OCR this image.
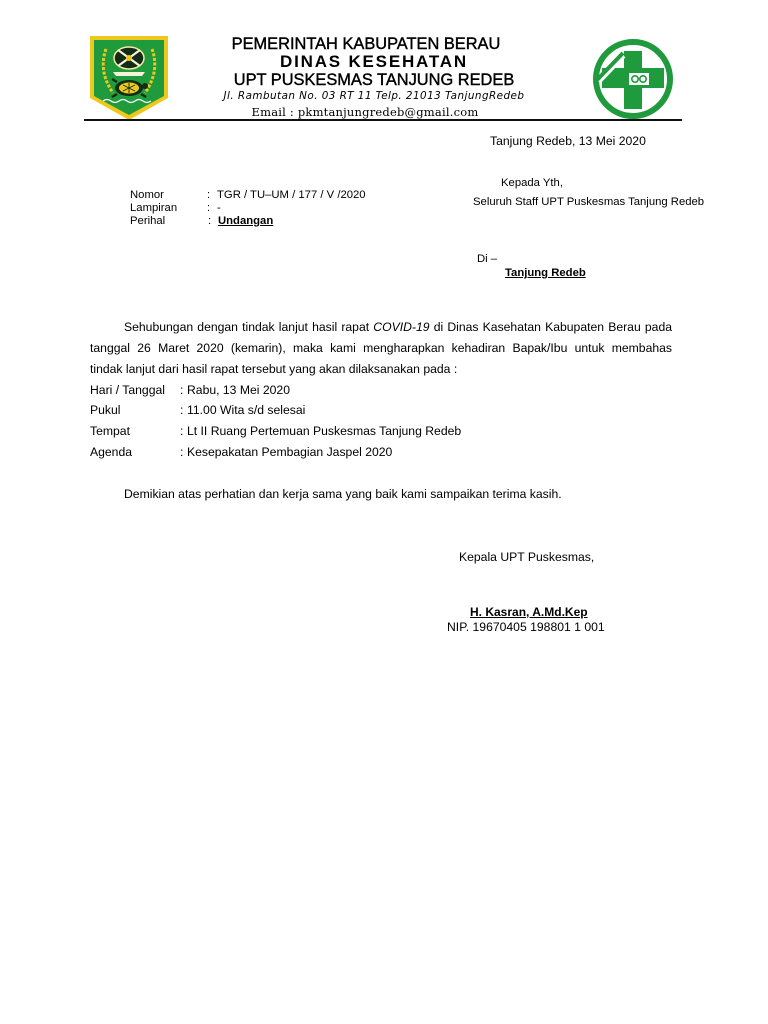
PEMERINTAH KABUPATEN BERAU
DINAS KESEHATAN
UPT PUSKESMAS TANJUNG REDEB
Jl. Rambutan No. 03 RT 11 Telp. 21013 TanjungRedeb
Email : pkmtanjungredeb@gmail.com
Tanjung Redeb, 13 Mei 2020
Nomor	: TGR / TU–UM / 177 / V /2020
Lampiran	: -
Perihal	: Undangan
Kepada Yth,
Seluruh Staff UPT Puskesmas Tanjung Redeb
Di –
Tanjung Redeb
Sehubungan dengan tindak lanjut hasil rapat COVID-19 di Dinas Kasehatan Kabupaten Berau pada
tanggal 26 Maret 2020 (kemarin), maka kami mengharapkan kehadiran Bapak/Ibu untuk membahas
tindak lanjut dari hasil rapat tersebut yang akan dilaksanakan pada :
Hari / Tanggal : Rabu, 13 Mei 2020
Pukul	: 11.00 Wita s/d selesai
Tempat	: Lt II Ruang Pertemuan Puskesmas Tanjung Redeb
Agenda	: Kesepakatan Pembagian Jaspel 2020
Demikian atas perhatian dan kerja sama yang baik kami sampaikan terima kasih.
Kepala UPT Puskesmas,
H. Kasran, A.Md.Kep
NIP. 19670405 198801 1 001
